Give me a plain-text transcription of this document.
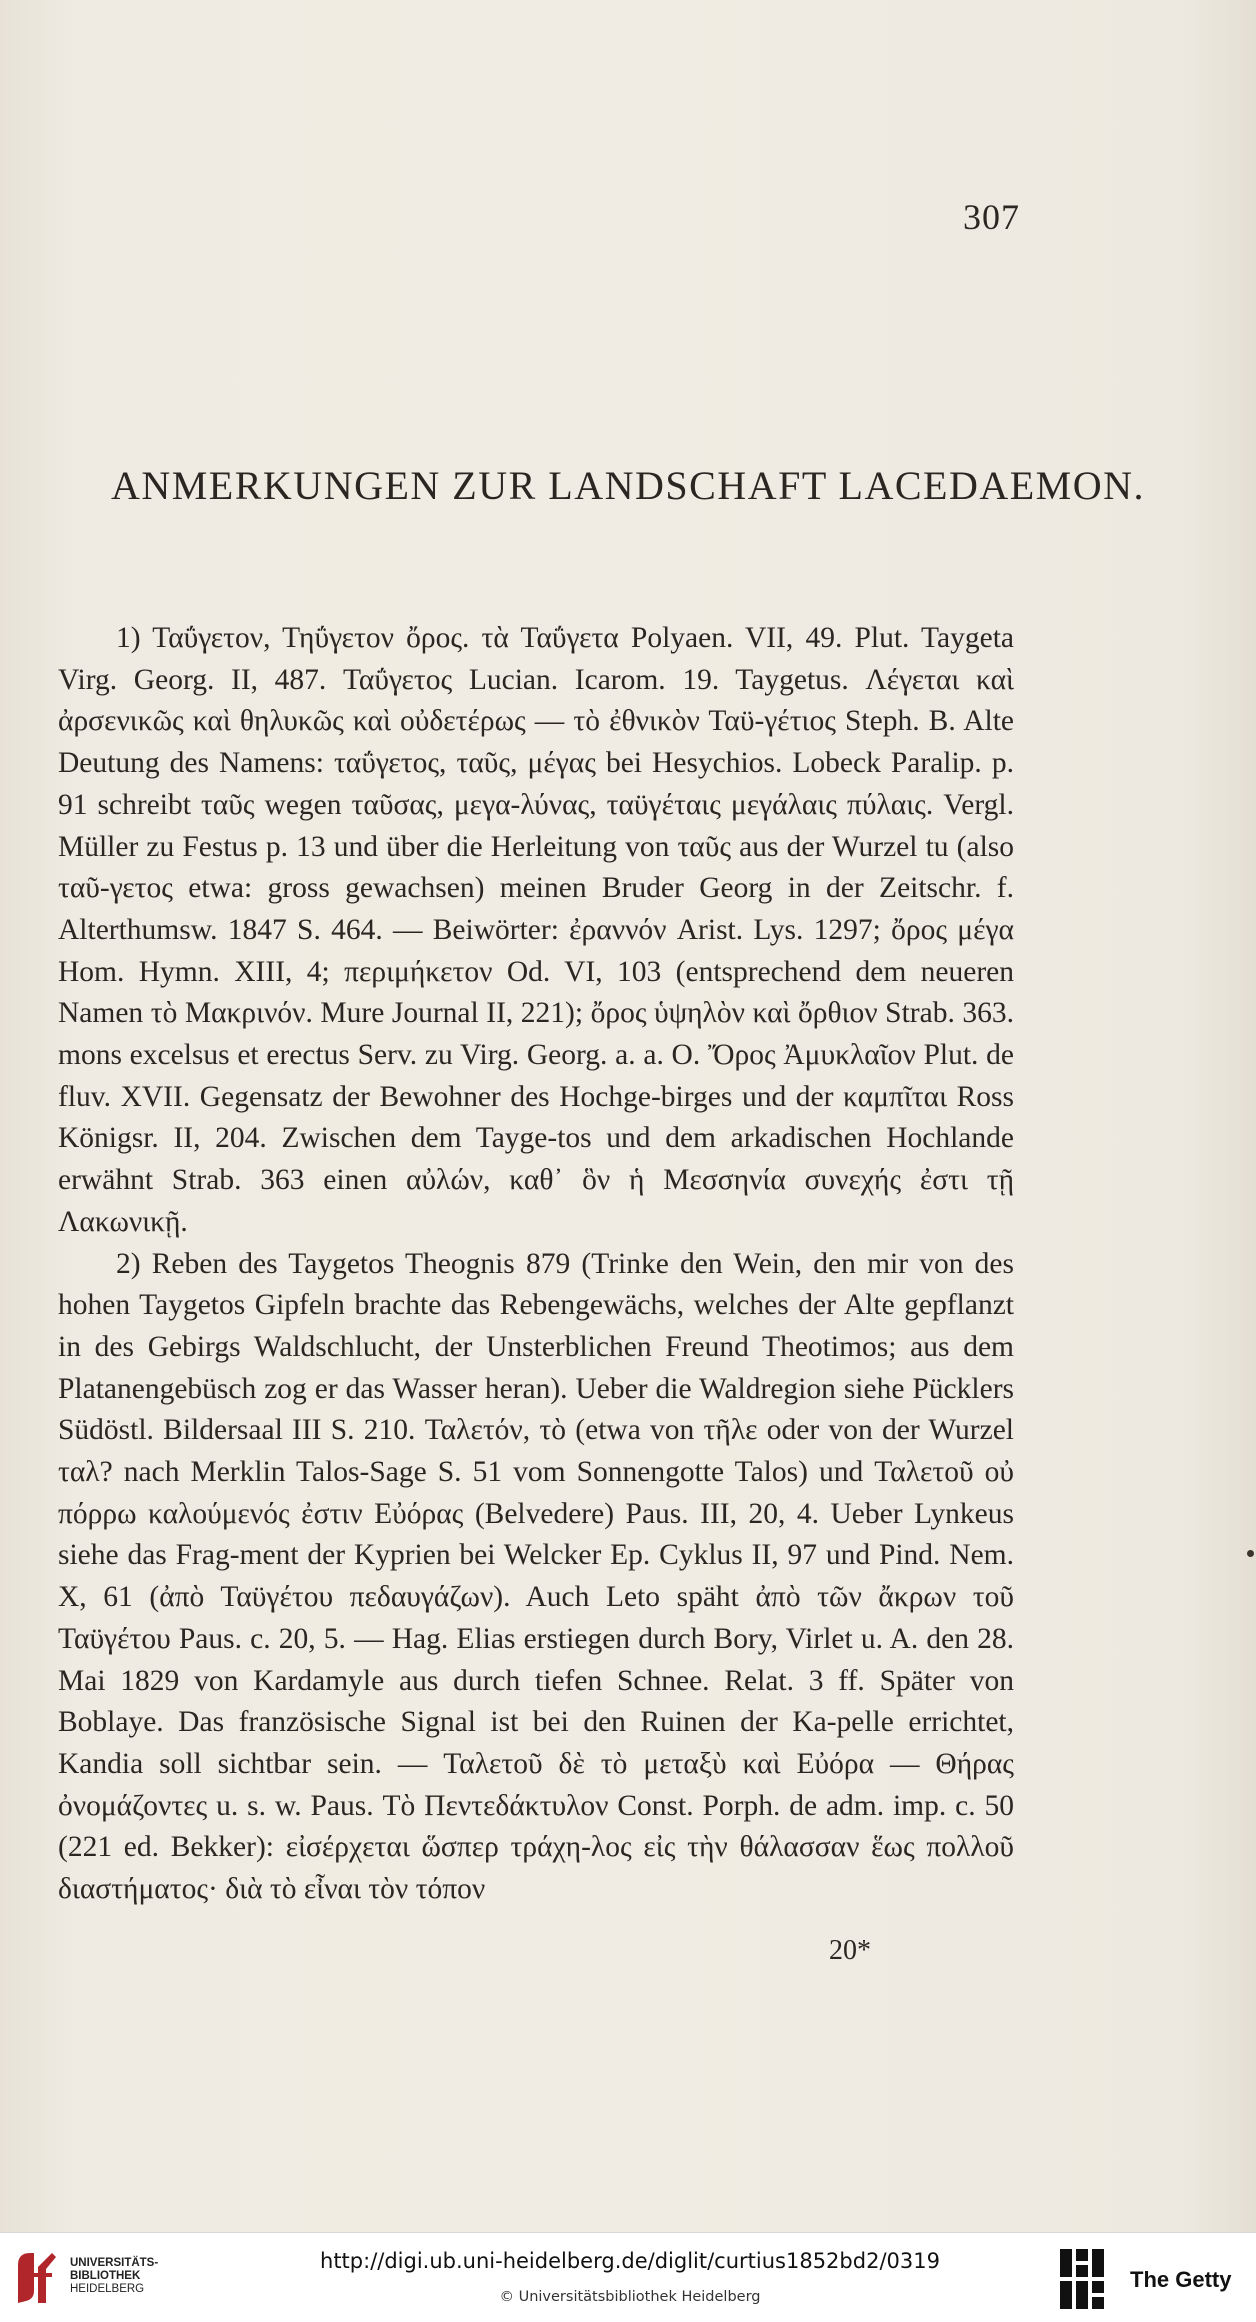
307
ANMERKUNGEN ZUR LANDSCHAFT LACEDAEMON.

1) Ταΰγετον, Τηΰγετον ὄρος. τὰ Ταΰγετα Polyaen. VII, 49. Plut. Taygeta Virg. Georg. II, 487. Ταΰγετος Lucian. Icarom. 19. Taygetus. Λέγεται καὶ ἀρσενικῶς καὶ θηλυκῶς καὶ οὐδετέρως — τὸ ἐθνικὸν Ταϋ-γέτιος Steph. B. Alte Deutung des Namens: ταΰγετος, ταῦς, μέγας bei Hesychios. Lobeck Paralip. p. 91 schreibt ταῦς wegen ταῦσας, μεγα-λύνας, ταϋγέταις μεγάλαις πύλαις. Vergl. Müller zu Festus p. 13 und über die Herleitung von ταῦς aus der Wurzel tu (also ταῦ-γετος etwa: gross gewachsen) meinen Bruder Georg in der Zeitschr. f. Alterthumsw. 1847 S. 464. — Beiwörter: ἐραννόν Arist. Lys. 1297; ὄρος μέγα Hom. Hymn. XIII, 4; περιμήκετον Od. VI, 103 (entsprechend dem neueren Namen τὸ Μακρινόν. Mure Journal II, 221); ὄρος ὑψηλὸν καὶ ὄρθιον Strab. 363. mons excelsus et erectus Serv. zu Virg. Georg. a. a. O. Ὄρος Ἀμυκλαῖον Plut. de fluv. XVII. Gegensatz der Bewohner des Hochge-birges und der καμπῖται Ross Königsr. II, 204. Zwischen dem Tayge-tos und dem arkadischen Hochlande erwähnt Strab. 363 einen αὐλών, καθ᾽ ὃν ἡ Μεσσηνία συνεχής ἐστι τῇ Λακωνικῇ.

2) Reben des Taygetos Theognis 879 (Trinke den Wein, den mir von des hohen Taygetos Gipfeln brachte das Rebengewächs, welches der Alte gepflanzt in des Gebirgs Waldschlucht, der Unsterblichen Freund Theotimos; aus dem Platanengebüsch zog er das Wasser heran). Ueber die Waldregion siehe Pücklers Südöstl. Bildersaal III S. 210. Ταλετόν, τὸ (etwa von τῆλε oder von der Wurzel ταλ? nach Merklin Talos-Sage S. 51 vom Sonnengotte Talos) und Ταλετοῦ οὐ πόρρω καλούμενός ἐστιν Εὐόρας (Belvedere) Paus. III, 20, 4. Ueber Lynkeus siehe das Frag-ment der Kyprien bei Welcker Ep. Cyklus II, 97 und Pind. Nem. X, 61 (ἀπὸ Ταϋγέτου πεδαυγάζων). Auch Leto späht ἀπὸ τῶν ἄκρων τοῦ Ταϋγέτου Paus. c. 20, 5. — Hag. Elias erstiegen durch Bory, Virlet u. A. den 28. Mai 1829 von Kardamyle aus durch tiefen Schnee. Relat. 3 ff. Später von Boblaye. Das französische Signal ist bei den Ruinen der Ka-pelle errichtet, Kandia soll sichtbar sein. — Ταλετοῦ δὲ τὸ μεταξὺ καὶ Εὐόρα — Θήρας ὀνομάζοντες u. s. w. Paus. Τὸ Πεντεδάκτυλον Const. Porph. de adm. imp. c. 50 (221 ed. Bekker): εἰσέρχεται ὥσπερ τράχη-λος εἰς τὴν θάλασσαν ἕως πολλοῦ διαστήματος· διὰ τὸ εἶναι τὸν τόπον

20*
UNIVERSITÄTS-
BIBLIOTHEK
HEIDELBERG
http://digi.ub.uni-heidelberg.de/diglit/curtius1852bd2/0319
© Universitätsbibliothek Heidelberg
The Getty
